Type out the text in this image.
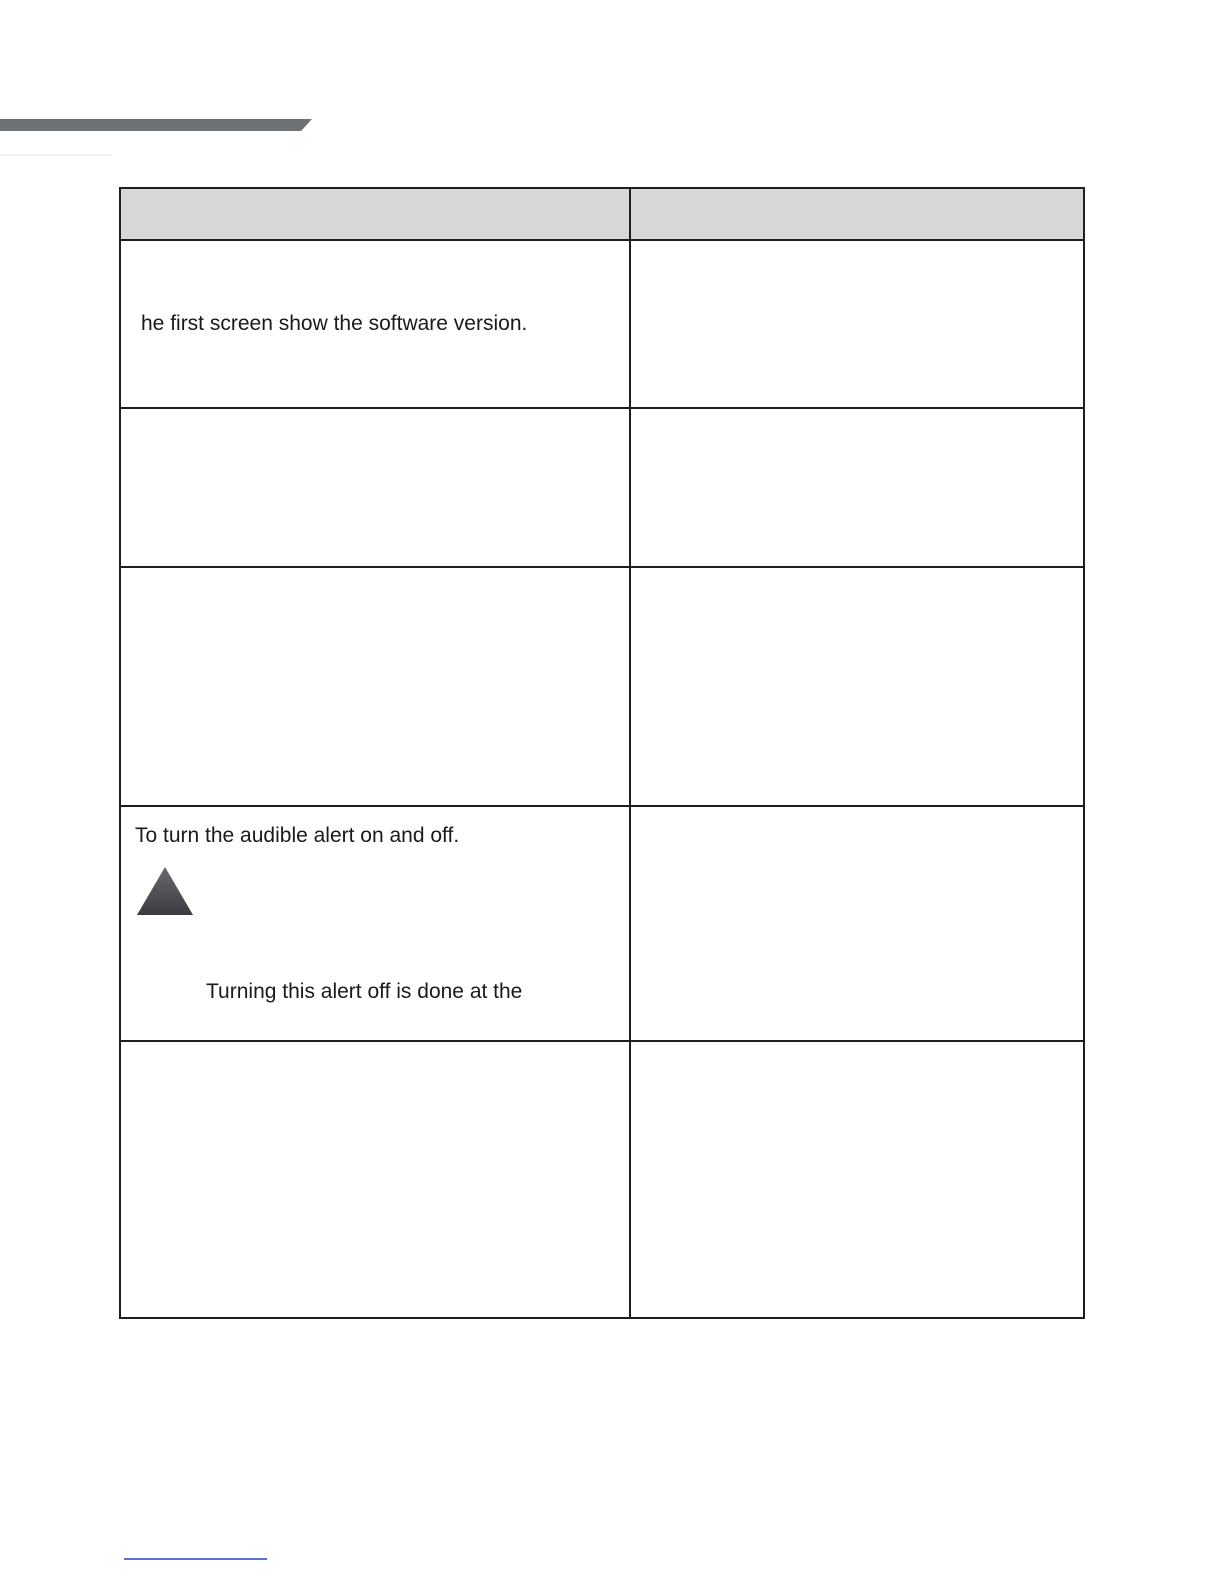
he first screen show the software version.
To turn the audible alert on and off.
Turning this alert off is done at the
